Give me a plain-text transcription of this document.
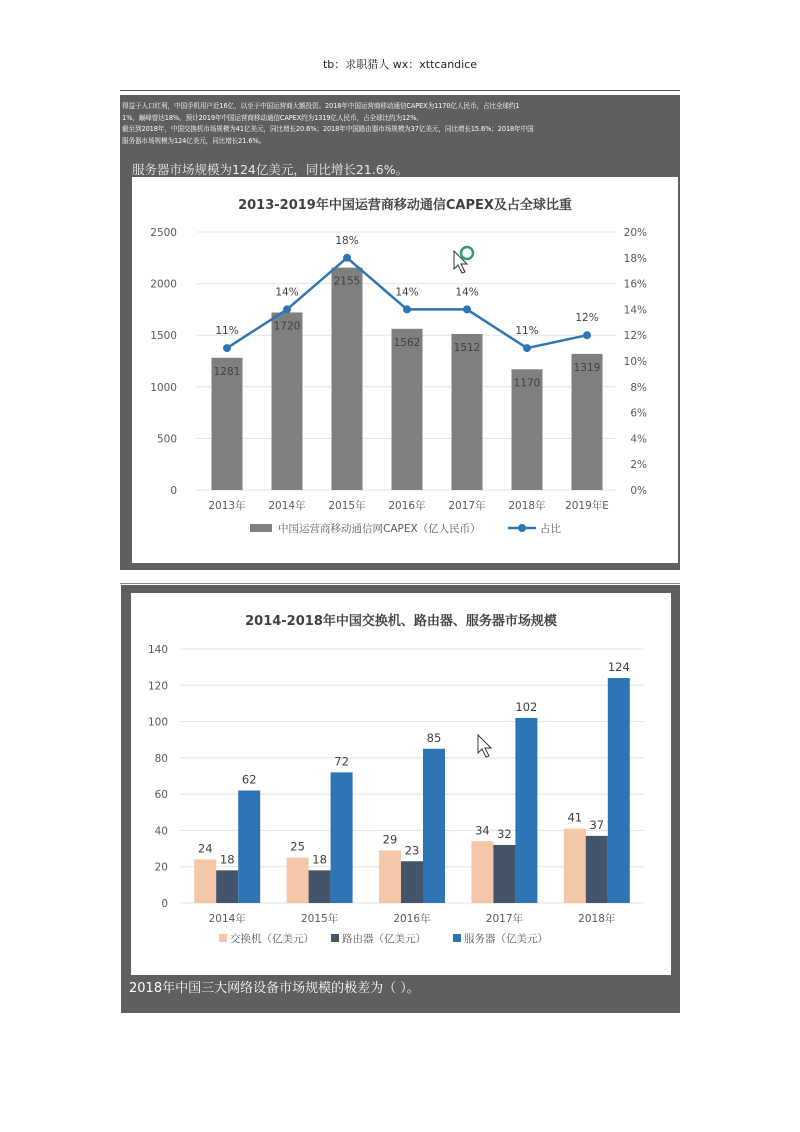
tb：求职猎人 wx：xttcandice

得益于人口红利，中国手机用户近16亿，以至于中国运营商大额投资。2018年中国运营商移动通信CAPEX为1170亿人民币，占比全球约1

1%，巅峰曾达18%。预计2019年中国运营商移动通信CAPEX约为1319亿人民币，占全球比约为12%。

截至到2018年，中国交换机市场规模为41亿美元，同比增长20.6%；2018年中国路由器市场规模为37亿美元，同比增长15.6%；2018年中国

服务器市场规模为124亿美元，同比增长21.6%。

服务器市场规模为124亿美元，同比增长21.6%。
2013-2019年中国运营商移动通信CAPEX及占全球比重
0
500
1000
1500
2000
2500
0%
2%
4%
6%
8%
10%
12%
14%
16%
18%
20%
1281
2013年
1720
2014年
2155
2015年
1562
2016年
1512
2017年
1170
2018年
1319
2019年E
11%
14%
18%
14%	14%
11%
12%
中国运营商移动通信网CAPEX（亿人民币）	占比
2014-2018年中国交换机、路由器、服务器市场规模
0
20
40
60
80
100
120
140
24
18
62
2014年
25
18
72
2015年
29
23
85
2016年
34 32
102
2017年
41
37
124
2018年
交换机（亿美元）	路由器（亿美元）	服务器（亿美元）
2018年中国三大网络设备市场规模的极差为（ ）。
